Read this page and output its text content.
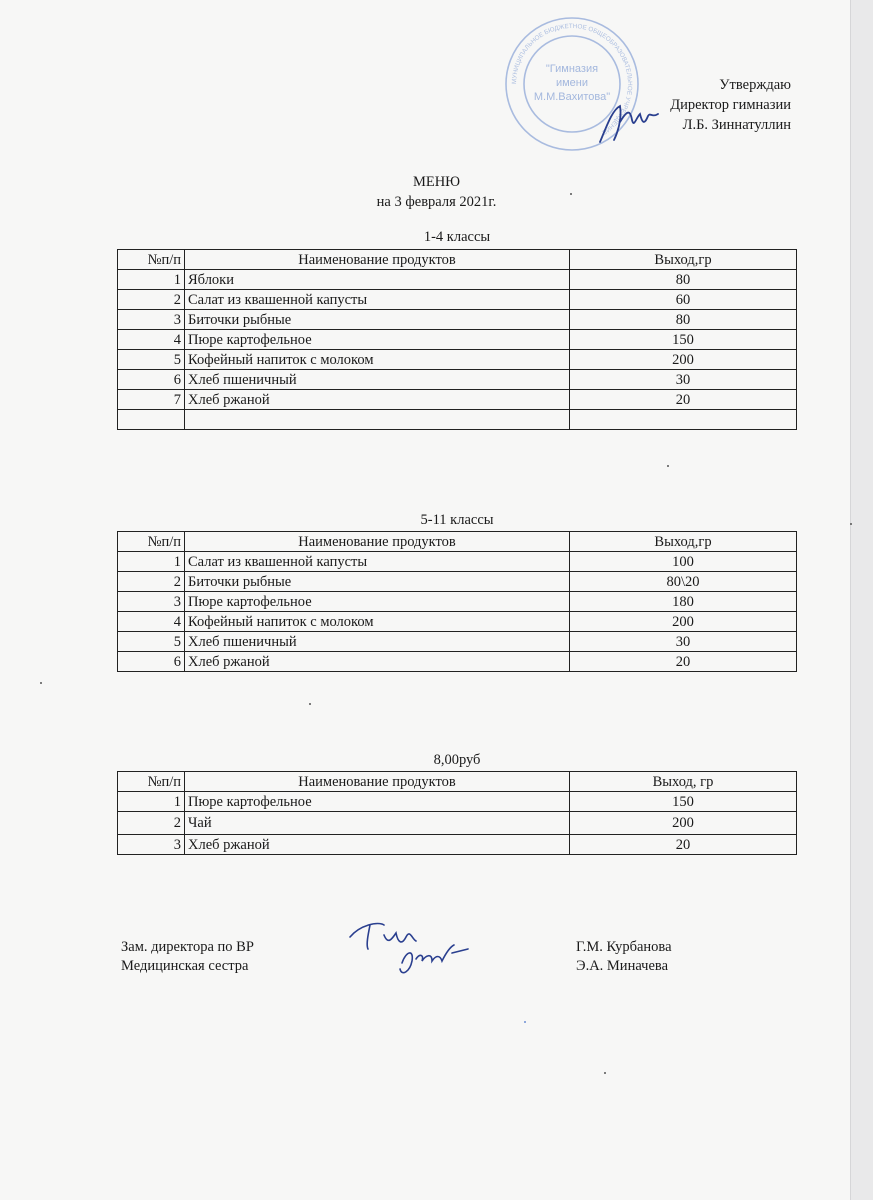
МУНИЦИПАЛЬНОЕ БЮДЖЕТНОЕ ОБЩЕОБРАЗОВАТЕЛЬНОЕ УЧРЕЖДЕНИЕ
"Гимназия
имени
М.М.Вахитова"
Утверждаю
Директор гимназии
Л.Б. Зиннатуллин
МЕНЮ
на 3 февраля 2021г.
1-4 классы
№п/п	Наименование продуктов	Выход,гр
1	Яблоки	80
2	Салат из квашенной капусты	60
3	Биточки рыбные	80
4	Пюре картофельное	150
5	Кофейный напиток с молоком	200
6	Хлеб пшеничный	30
7	Хлеб ржаной	20

5-11 классы
№п/п	Наименование продуктов	Выход,гр
1	Салат из квашенной капусты	100
2	Биточки рыбные	80\20
3	Пюре картофельное	180
4	Кофейный напиток с молоком	200
5	Хлеб пшеничный	30
6	Хлеб ржаной	20
8,00руб
№п/п	Наименование продуктов	Выход, гр
1	Пюре картофельное	150
2	Чай	200
3	Хлеб ржаной	20
Зам. директора по ВР
Медицинская сестра
Г.М. Курбанова
Э.А. Миначева
